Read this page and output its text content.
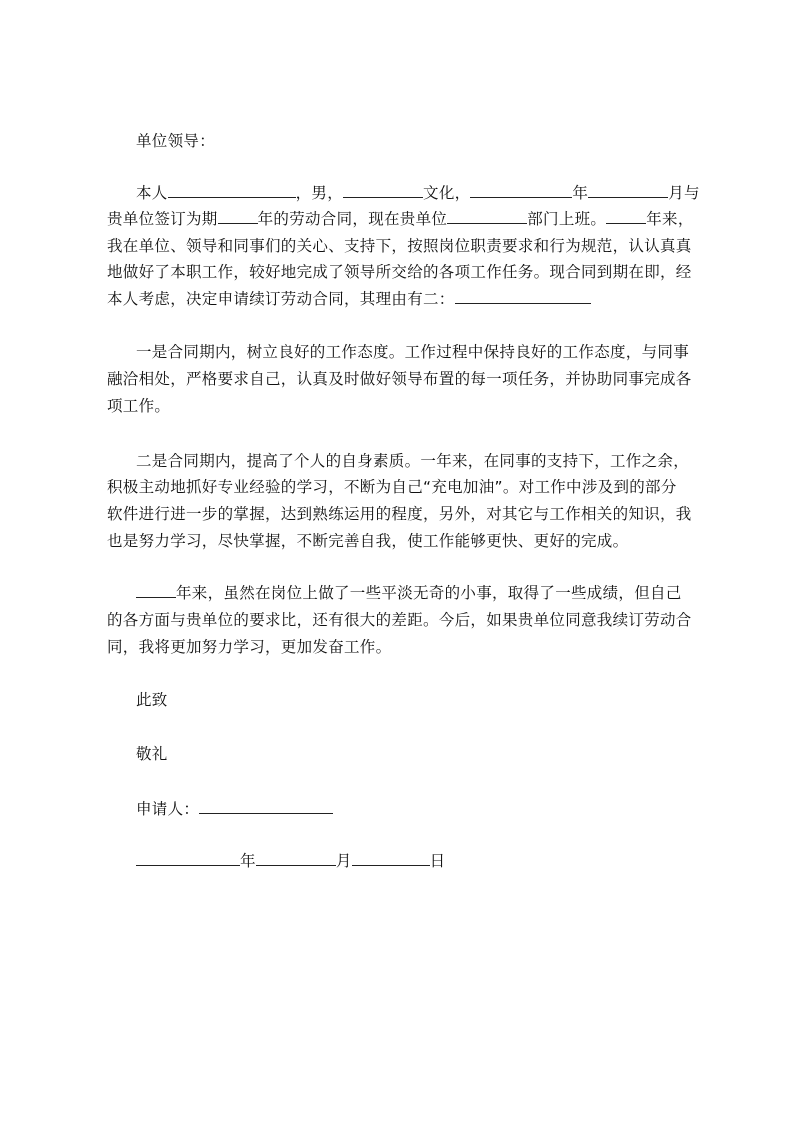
单位领导：
本人	，男，	文化，	年	月与
贵单位签订为期	年的劳动合同，现在贵单位	部门上班。	年来，
我在单位、领导和同事们的关心、支持下，按照岗位职责要求和行为规范，认认真真
地做好了本职工作，较好地完成了领导所交给的各项工作任务。现合同到期在即，经
本人考虑，决定申请续订劳动合同，其理由有二：
一是合同期内，树立良好的工作态度。工作过程中保持良好的工作态度，与同事
融洽相处，严格要求自己，认真及时做好领导布置的每一项任务，并协助同事完成各
项工作。
二是合同期内，提高了个人的自身素质。一年来，在同事的支持下，工作之余，
积极主动地抓好专业经验的学习，不断为自己“充电加油”。对工作中涉及到的部分
软件进行进一步的掌握，达到熟练运用的程度，另外，对其它与工作相关的知识，我
也是努力学习，尽快掌握，不断完善自我，使工作能够更快、更好的完成。
年来，虽然在岗位上做了一些平淡无奇的小事，取得了一些成绩，但自己
的各方面与贵单位的要求比，还有很大的差距。今后，如果贵单位同意我续订劳动合
同，我将更加努力学习，更加发奋工作。
此致
敬礼
申请人：
年	月	日
